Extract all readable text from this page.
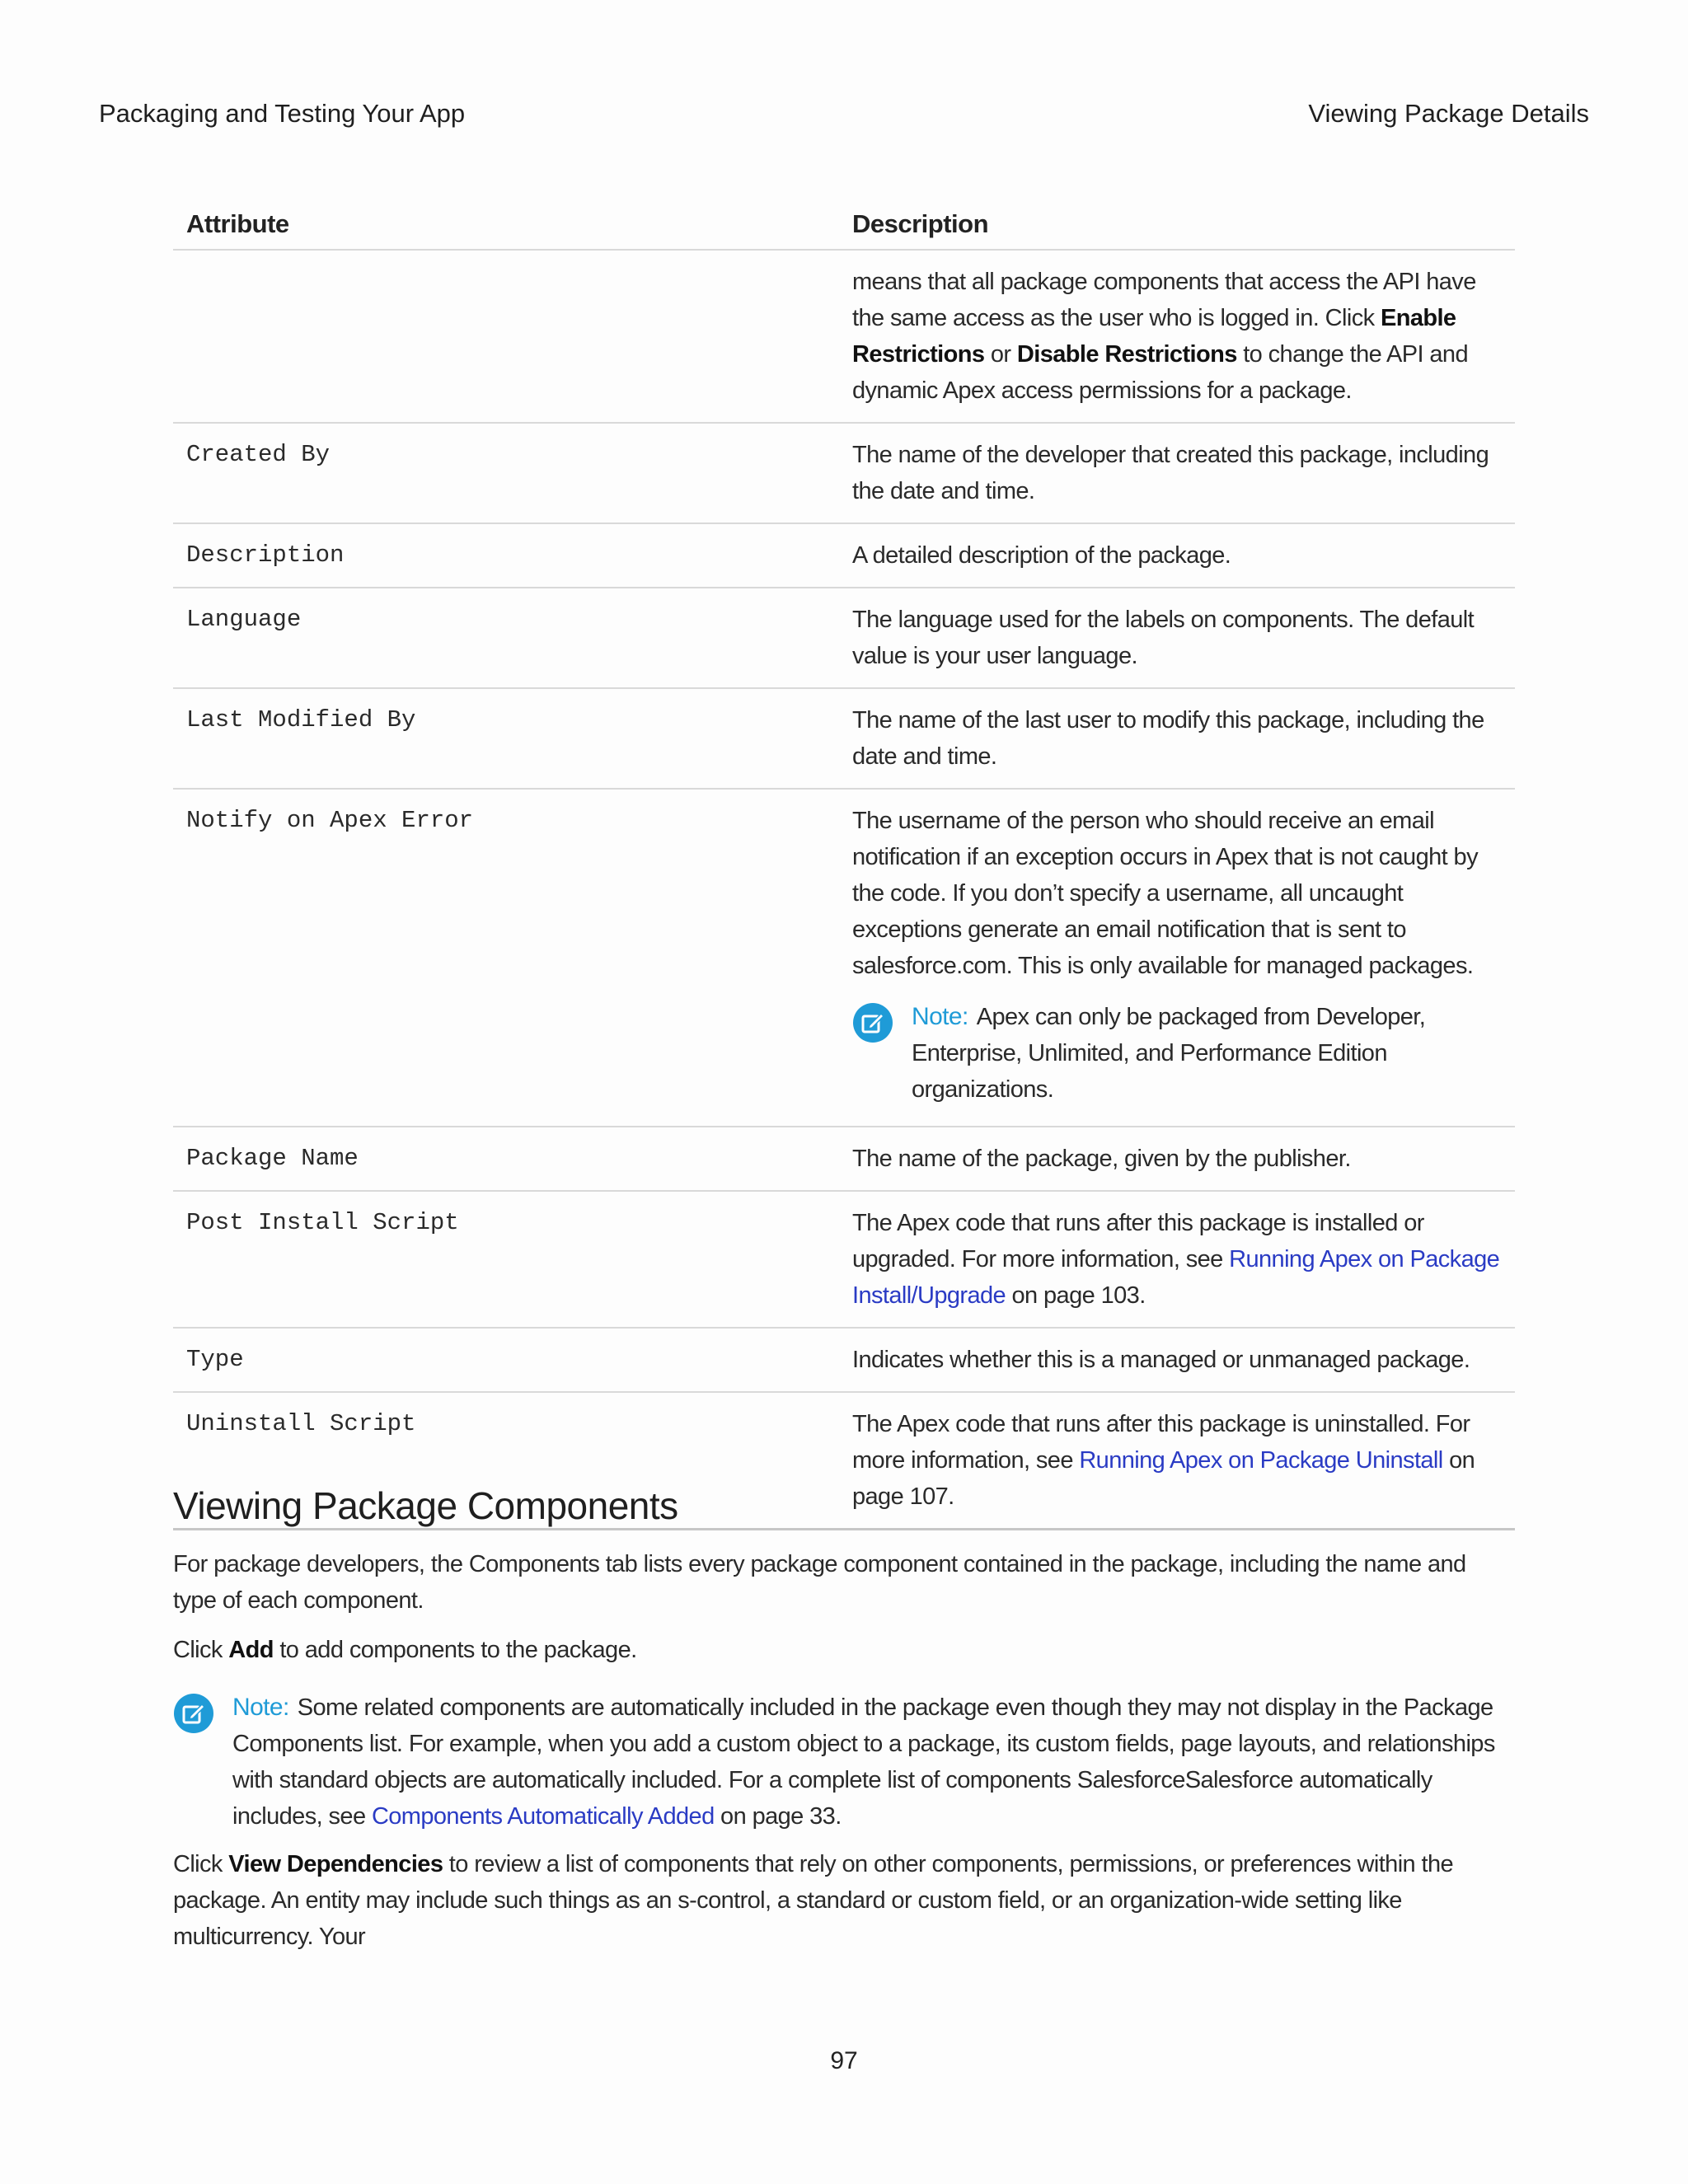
Packaging and Testing Your App	Viewing Package Details
Attribute	Description

	means that all package components that access the API have the same access as the user who is logged in. Click Enable Restrictions or Disable Restrictions to change the API and dynamic Apex access permissions for a package.

Created By	The name of the developer that created this package, including the date and time.

Description	A detailed description of the package.

Language	The language used for the labels on components. The default value is your user language.

Last Modified By	The name of the last user to modify this package, including the date and time.

Notify on Apex Error	The username of the person who should receive an email notification if an exception occurs in Apex that is not caught by the code. If you don’t specify a username, all uncaught exceptions generate an email notification that is sent to salesforce.com. This is only available for managed packages.
Note: Apex can only be packaged from Developer, Enterprise, Unlimited, and Performance Edition organizations.

Package Name	The name of the package, given by the publisher.

Post Install Script	The Apex code that runs after this package is installed or upgraded. For more information, see Running Apex on Package Install/Upgrade on page 103.

Type	Indicates whether this is a managed or unmanaged package.

Uninstall Script	The Apex code that runs after this package is uninstalled. For more information, see Running Apex on Package Uninstall on page 107.
Viewing Package Components
For package developers, the Components tab lists every package component contained in the package, including the name and type of each component.
Click Add to add components to the package.
Note: Some related components are automatically included in the package even though they may not display in the Package Components list. For example, when you add a custom object to a package, its custom fields, page layouts, and relationships with standard objects are automatically included. For a complete list of components SalesforceSalesforce automatically includes, see Components Automatically Added on page 33.
Click View Dependencies to review a list of components that rely on other components, permissions, or preferences within the package. An entity may include such things as an s-control, a standard or custom field, or an organization-wide setting like multicurrency. Your
97
